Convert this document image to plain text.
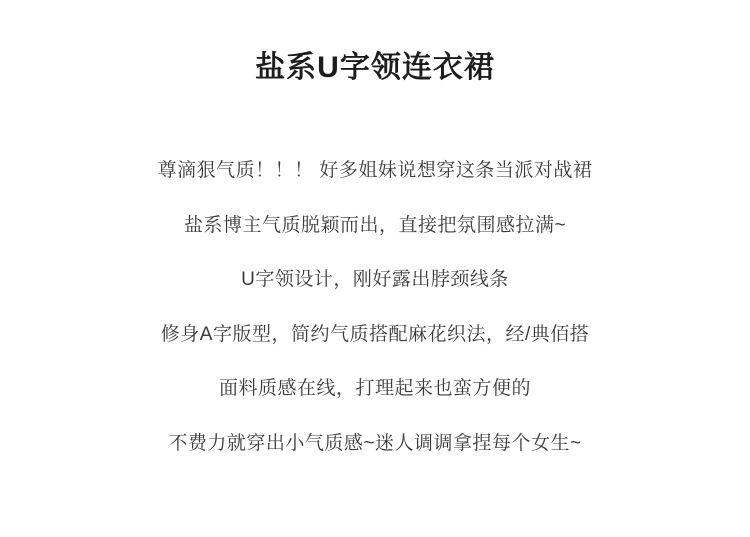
盐系U字领连衣裙
尊滴狠气质！！！ 好多姐妹说想穿这条当派对战裙
盐系博主气质脱颖而出，直接把氛围感拉满~
U字领设计，刚好露出脖颈线条
修身A字版型，简约气质搭配麻花织法，经/典佰搭
面料质感在线，打理起来也蛮方便的
不费力就穿出小气质感~迷人调调拿捏每个女生~
